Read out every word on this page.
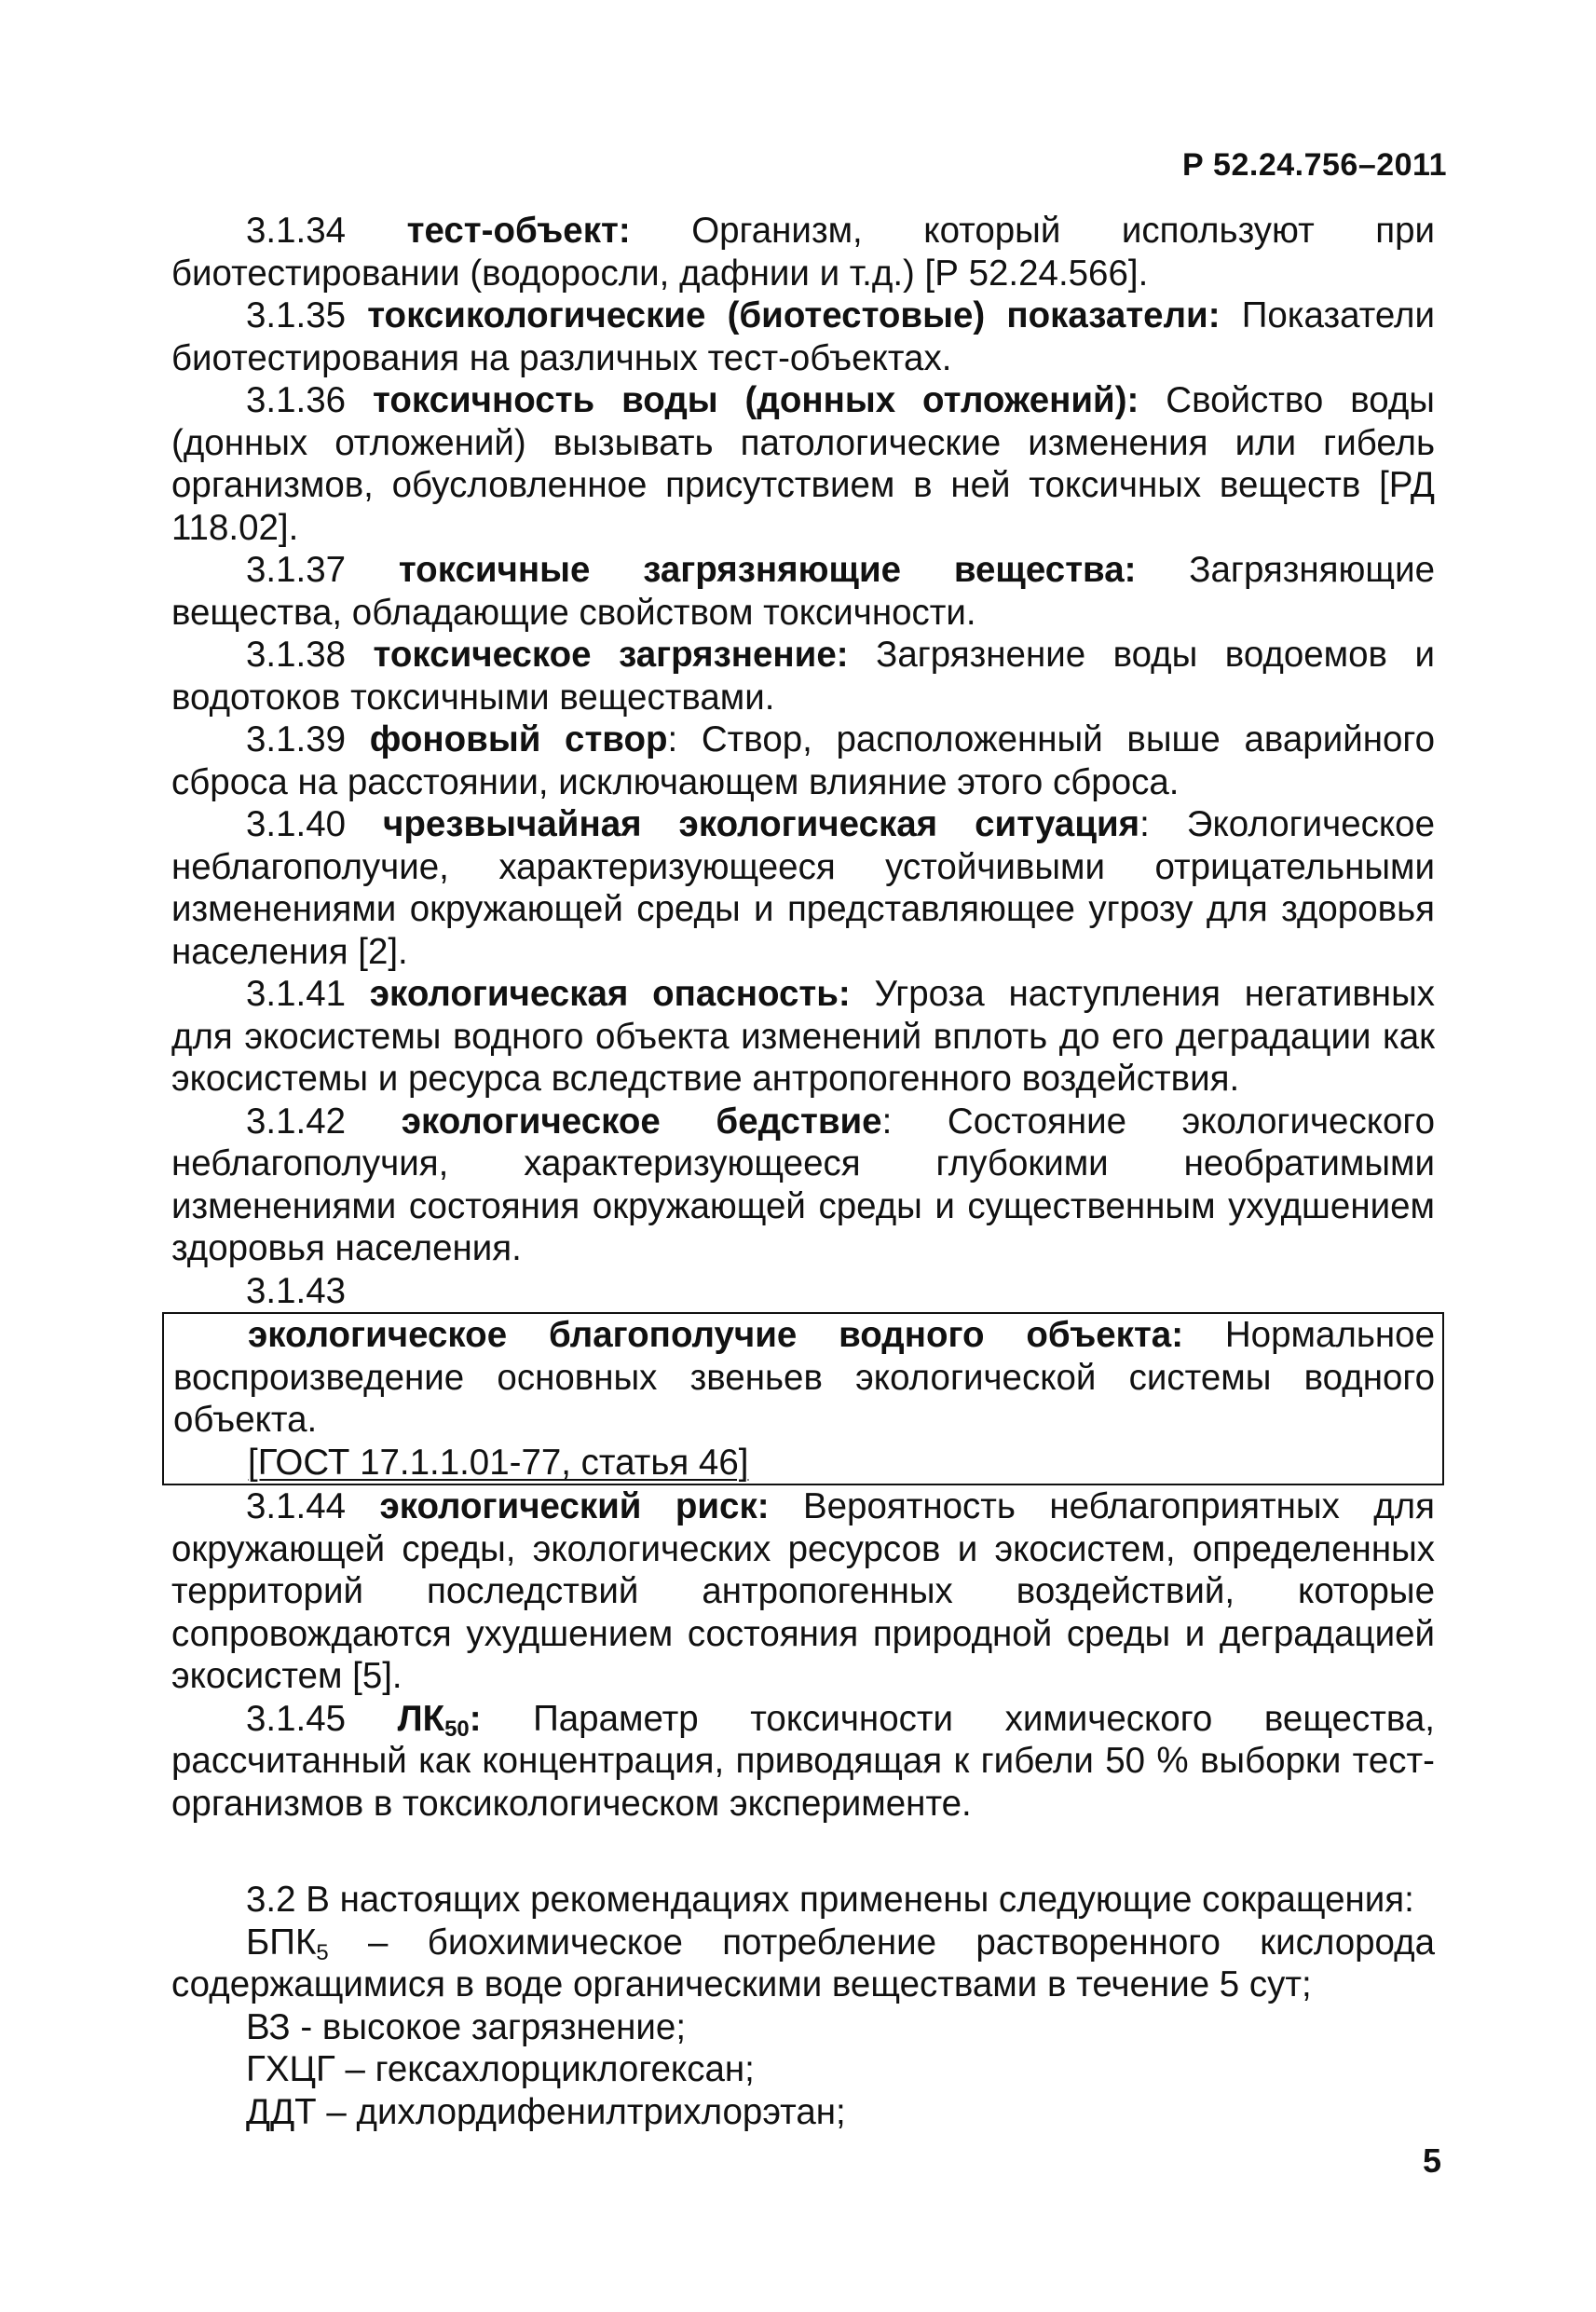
Р 52.24.756–2011

3.1.34 тест-объект: Организм, который используют при биотестировании (водоросли, дафнии и т.д.) [Р 52.24.566].

3.1.35 токсикологические (биотестовые) показатели: Показатели биотестирования на различных тест-объектах.

3.1.36 токсичность воды (донных отложений): Свойство воды (донных отложений) вызывать патологические изменения или гибель организмов, обусловленное присутствием в ней токсичных веществ [РД 118.02].

3.1.37 токсичные загрязняющие вещества: Загрязняющие вещества, обладающие свойством токсичности.

3.1.38 токсическое загрязнение: Загрязнение воды водоемов и водотоков токсичными веществами.

3.1.39 фоновый створ: Створ, расположенный выше аварийного сброса на расстоянии, исключающем влияние этого сброса.

3.1.40 чрезвычайная экологическая ситуация: Экологическое неблагополучие, характеризующееся устойчивыми отрицательными изменениями окружающей среды и представляющее угрозу для здоровья населения [2].

3.1.41 экологическая опасность: Угроза наступления негативных для экосистемы водного объекта изменений вплоть до его деградации как экосистемы и ресурса вследствие антропогенного воздействия.

3.1.42 экологическое бедствие: Состояние экологического неблагополучия, характеризующееся глубокими необратимыми изменениями состояния окружающей среды и существенным ухудшением здоровья населения.

3.1.43

экологическое благополучие водного объекта: Нормальное воспроизведение основных звеньев экологической системы водного объекта.

[ГОСТ 17.1.1.01-77, статья 46]

3.1.44 экологический риск: Вероятность неблагоприятных для окружающей среды, экологических ресурсов и экосистем, определенных территорий последствий антропогенных воздействий, которые сопровождаются ухудшением состояния природной среды и деградацией экосистем [5].

3.1.45 $ЛК_{50}$: Параметр токсичности химического вещества, рассчитанный как концентрация, приводящая к гибели 50 % выборки тест-организмов в токсикологическом эксперименте.

3.2 В настоящих рекомендациях применены следующие сокращения:

$БПК_5$ – биохимическое потребление растворенного кислорода содержащимися в воде органическими веществами в течение 5 сут;

ВЗ - высокое загрязнение;

ГХЦГ – гексахлорциклогексан;

ДДТ – дихлордифенилтрихлорэтан;

5
